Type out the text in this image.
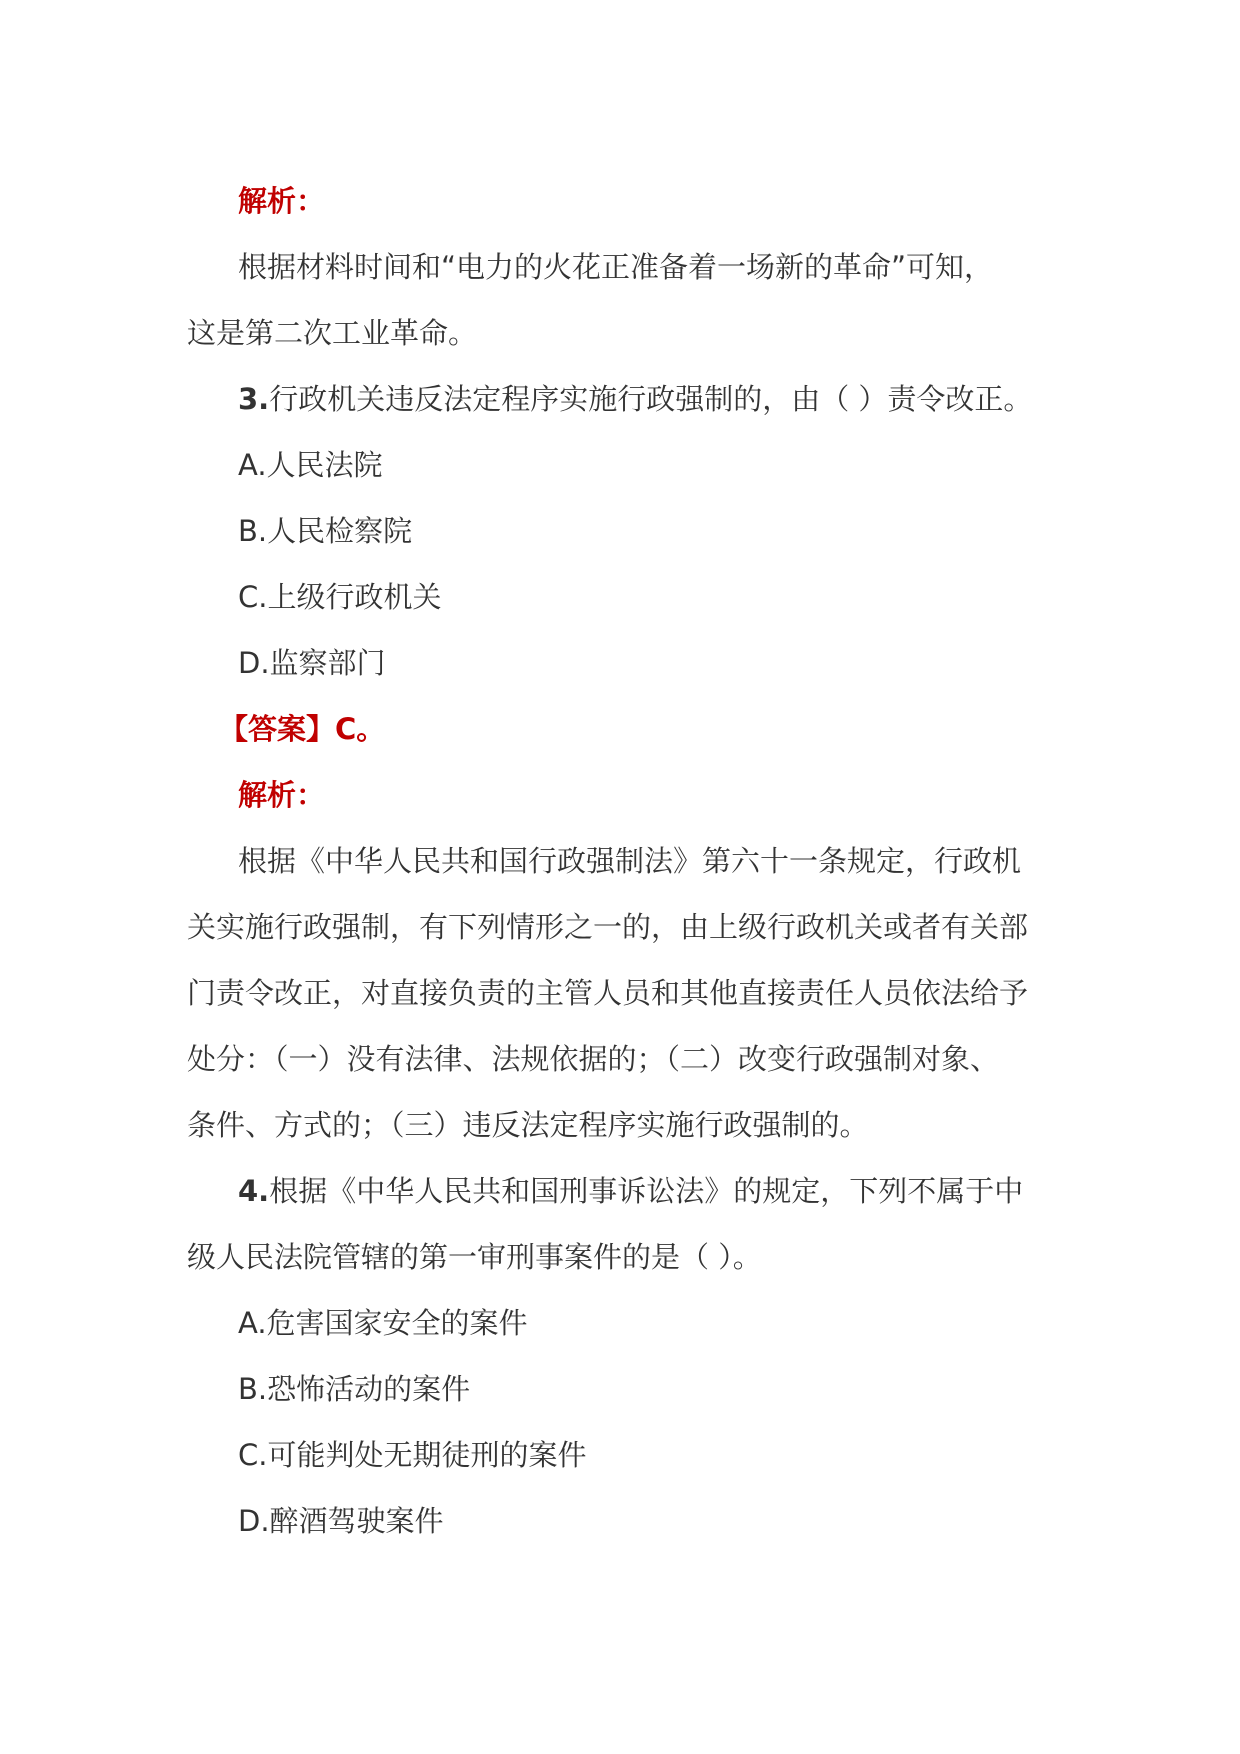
解析：

根据材料时间和“电力的火花正准备着一场新的革命”可知，
这是第二次工业革命。

3.行政机关违反法定程序实施行政强制的，由（ ）责令改正。

A.人民法院

B.人民检察院

C.上级行政机关

D.监察部门

【答案】C。

解析：

根据《中华人民共和国行政强制法》第六十一条规定，行政机
关实施行政强制，有下列情形之一的，由上级行政机关或者有关部
门责令改正，对直接负责的主管人员和其他直接责任人员依法给予
处分：（一）没有法律、法规依据的；（二）改变行政强制对象、
条件、方式的；（三）违反法定程序实施行政强制的。
4.根据《中华人民共和国刑事诉讼法》的规定，下列不属于中
级人民法院管辖的第一审刑事案件的是（ ）。

A.危害国家安全的案件

B.恐怖活动的案件

C.可能判处无期徒刑的案件

D.醉酒驾驶案件
